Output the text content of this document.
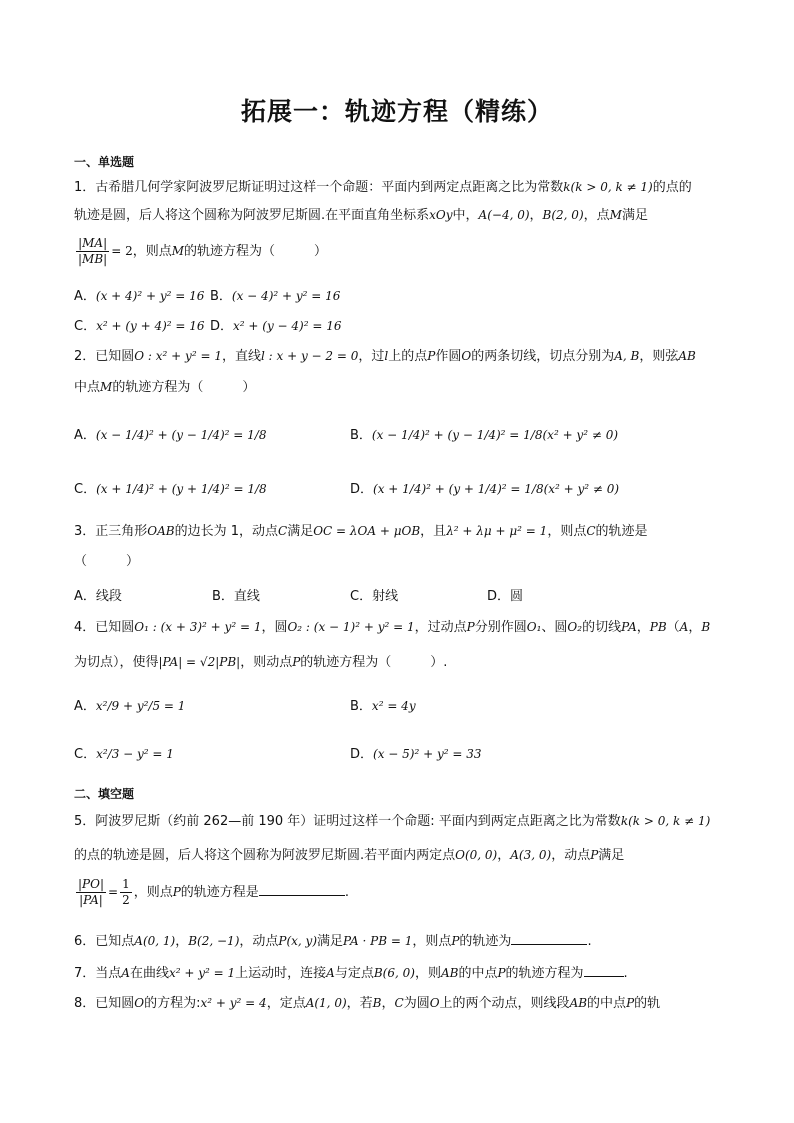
拓展一：轨迹方程（精练）
一、单选题
1．古希腊几何学家阿波罗尼斯证明过这样一个命题：平面内到两定点距离之比为常数k(k > 0, k ≠ 1)的点的
轨迹是圆，后人将这个圆称为阿波罗尼斯圆.在平面直角坐标系xOy中，A(−4, 0)，B(2, 0)，点M满足
$\frac{|MA|}{|MB|} = 2$，则点M的轨迹方程为（　　　）
A．(x + 4)² + y² = 16 B．(x − 4)² + y² = 16
C．x² + (y + 4)² = 16 D．x² + (y − 4)² = 16
2．已知圆O : x² + y² = 1，直线l : x + y − 2 = 0，过l上的点P作圆O的两条切线，切点分别为A, B，则弦AB
中点M的轨迹方程为（　　　）
A．(x − 1/4)² + (y − 1/4)² = 1/8	B．(x − 1/4)² + (y − 1/4)² = 1/8(x² + y² ≠ 0)
C．(x + 1/4)² + (y + 1/4)² = 1/8	D．(x + 1/4)² + (y + 1/4)² = 1/8(x² + y² ≠ 0)
3．正三角形OAB的边长为 1，动点C满足OC = λOA + μOB，且λ² + λμ + μ² = 1，则点C的轨迹是
（　　　）
A．线段	B．直线	C．射线	D．圆
4．已知圆O₁ : (x + 3)² + y² = 1，圆O₂ : (x − 1)² + y² = 1，过动点P分别作圆O₁、圆O₂的切线PA，PB（A，B
为切点），使得|PA| = √2|PB|，则动点P的轨迹方程为（　　　）.
A．x²/9 + y²/5 = 1	B．x² = 4y
C．x²/3 − y² = 1	D．(x − 5)² + y² = 33
二、填空题
5．阿波罗尼斯（约前 262—前 190 年）证明过这样一个命题: 平面内到两定点距离之比为常数k(k > 0, k ≠ 1)
的点的轨迹是圆，后人将这个圆称为阿波罗尼斯圆.若平面内两定点O(0, 0)，A(3, 0)，动点P满足
$\frac{|PO|}{|PA|} = \frac{1}{2}$ ，则点P的轨迹方程是	.
6．已知点A(0, 1)，B(2, −1)，动点P(x, y)满足PA · PB = 1，则点P的轨迹为	.
7．当点A在曲线x² + y² = 1上运动时，连接A与定点B(6, 0)，则AB的中点P的轨迹方程为	.
8．已知圆O的方程为:x² + y² = 4，定点A(1, 0)，若B，C为圆O上的两个动点，则线段AB的中点P的轨
